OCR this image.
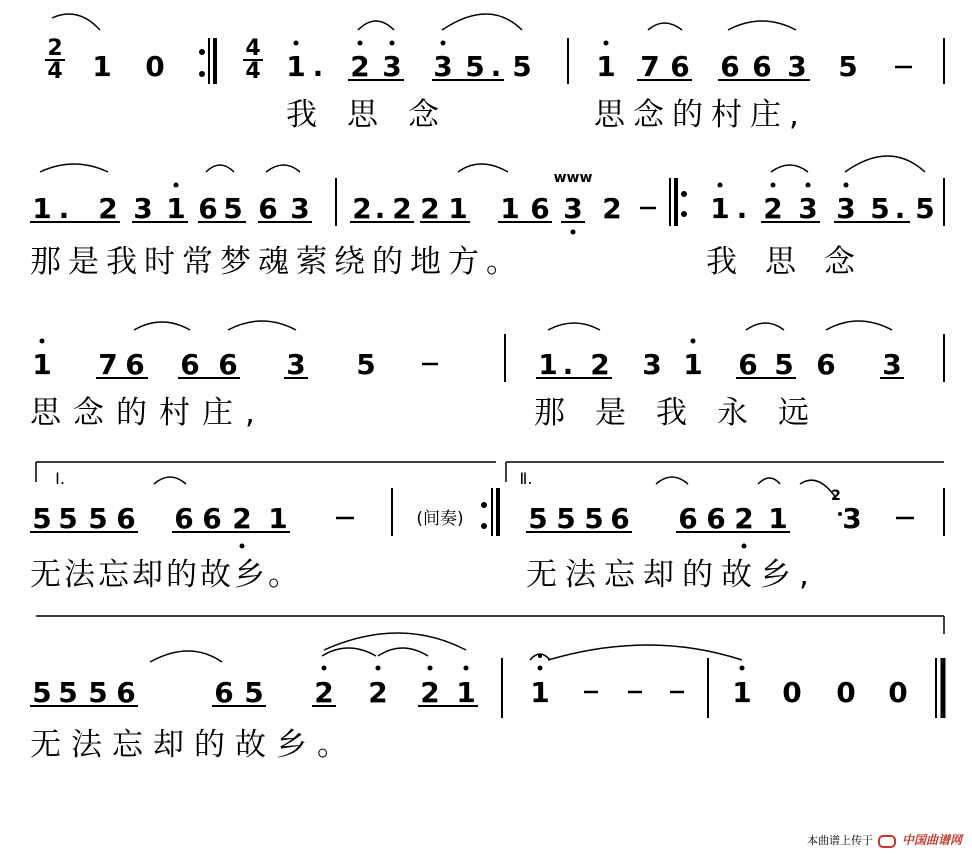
2
4 1 0
4
4 1 . 2 3 3 5 . 5 1 7 6 6 6 3 5
1 . 2 3 1 6 5 6 3 2 . 2 2 1 1 6 3
www
2	1 . 2 3 3 5 . 5
1 7 6 6 6 3 5	1 . 2 3 1 6 5 6 3
Ⅰ.	Ⅱ.
5 5 5 6 6 6 2 1	(间奏) 5 5 5 6 6 6 2 1
2
3
5 5 5 6	6 5 2 2 2 1 1	1 0 0 0
我思念	思念的村庄,
那是我时常梦魂萦绕的地方。	我思念
思念的村庄,	那是我永远
无法忘却的故乡。	无法忘却的故乡,
无法忘却的故乡。
本曲谱上传于 中国曲谱网
